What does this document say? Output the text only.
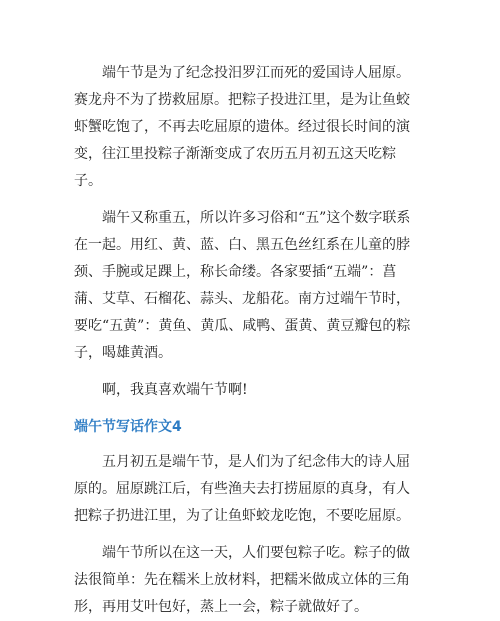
端午节是为了纪念投汨罗江而死的爱国诗人屈原。赛龙舟不为了捞救屈原。把粽子投进江里，是为让鱼蛟虾蟹吃饱了，不再去吃屈原的遗体。经过很长时间的演变，往江里投粽子渐渐变成了农历五月初五这天吃粽子。

端午又称重五，所以许多习俗和“五”这个数字联系在一起。用红、黄、蓝、白、黑五色丝红系在儿童的脖颈、手腕或足踝上，称长命缕。各家要插“五端”：菖蒲、艾草、石榴花、蒜头、龙船花。南方过端午节时，要吃“五黄”：黄鱼、黄瓜、咸鸭、蛋黄、黄豆瓣包的粽子，喝雄黄酒。

啊，我真喜欢端午节啊!

端午节写话作文4

五月初五是端午节，是人们为了纪念伟大的诗人屈原的。屈原跳江后，有些渔夫去打捞屈原的真身，有人把粽子扔进江里，为了让鱼虾蛟龙吃饱，不要吃屈原。

端午节所以在这一天，人们要包粽子吃。粽子的做法很简单：先在糯米上放材料，把糯米做成立体的三角形，再用艾叶包好，蒸上一会，粽子就做好了。
